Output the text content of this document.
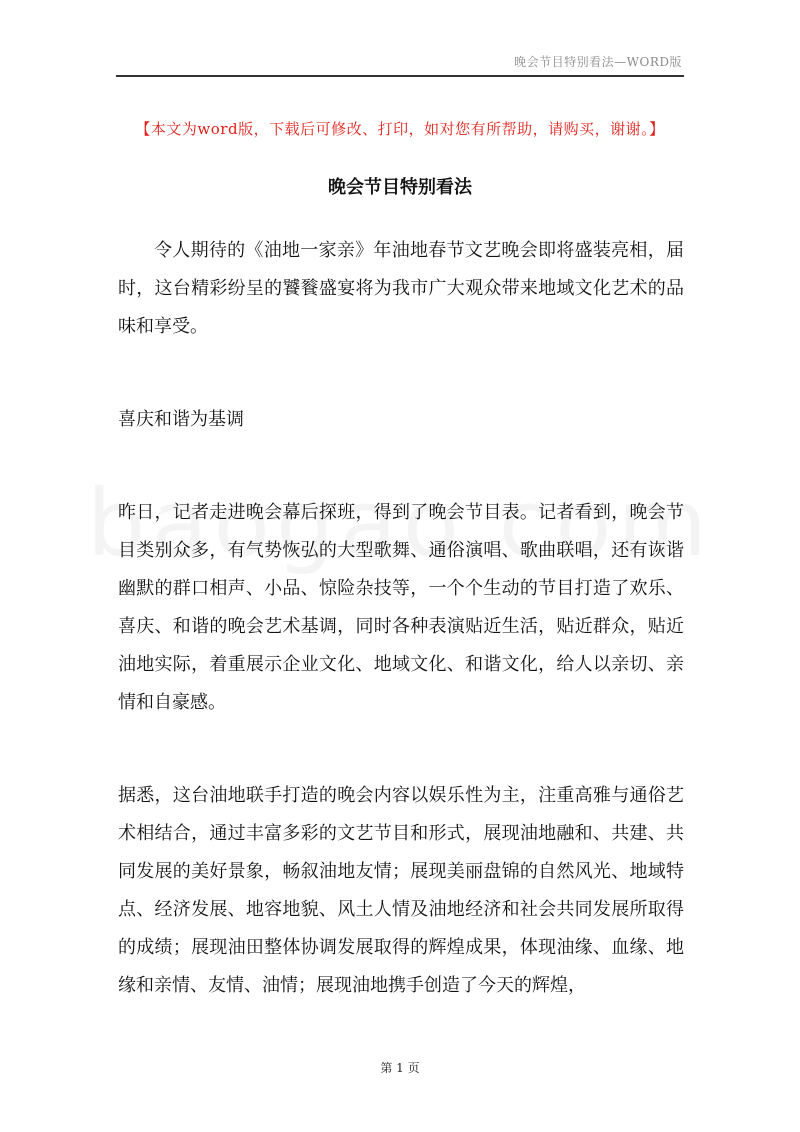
晚会节目特别看法—WORD版
【本文为word版，下载后可修改、打印，如对您有所帮助，请购买，谢谢。】
晚会节目特别看法

令人期待的《油地一家亲》年油地春节文艺晚会即将盛装亮相，届时，这台精彩纷呈的饕餮盛宴将为我市广大观众带来地域文化艺术的品味和享受。

喜庆和谐为基调

昨日，记者走进晚会幕后探班，得到了晚会节目表。记者看到，晚会节目类别众多，有气势恢弘的大型歌舞、通俗演唱、歌曲联唱，还有诙谐幽默的群口相声、小品、惊险杂技等，一个个生动的节目打造了欢乐、喜庆、和谐的晚会艺术基调，同时各种表演贴近生活，贴近群众，贴近油地实际，着重展示企业文化、地域文化、和谐文化，给人以亲切、亲情和自豪感。

据悉，这台油地联手打造的晚会内容以娱乐性为主，注重高雅与通俗艺术相结合，通过丰富多彩的文艺节目和形式，展现油地融和、共建、共同发展的美好景象，畅叙油地友情；展现美丽盘锦的自然风光、地域特点、经济发展、地容地貌、风土人情及油地经济和社会共同发展所取得的成绩；展现油田整体协调发展取得的辉煌成果，体现油缘、血缘、地缘和亲情、友情、油情；展现油地携手创造了今天的辉煌，

第 1 页
